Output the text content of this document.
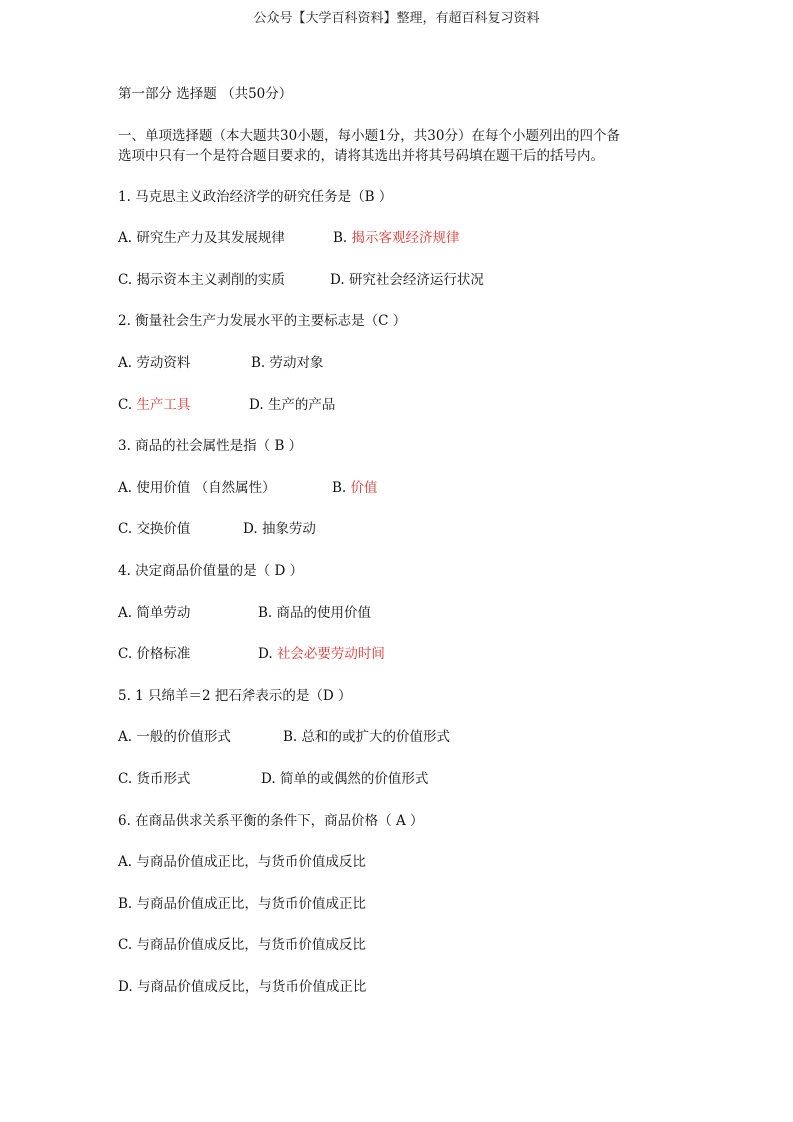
公众号【大学百科资料】整理，有超百科复习资料
第一部分 选择题 （共50分）
一、单项选择题（本大题共30小题，每小题1分，共30分）在每个小题列出的四个备
选项中只有一个是符合题目要求的，请将其选出并将其号码填在题干后的括号内。
1. 马克思主义政治经济学的研究任务是（B ）
A. 研究生产力及其发展规律	B. 揭示客观经济规律
C. 揭示资本主义剥削的实质	D. 研究社会经济运行状况
2. 衡量社会生产力发展水平的主要标志是（C ）
A. 劳动资料	B. 劳动对象
C. 生产工具	D. 生产的产品
3. 商品的社会属性是指（ B ）
A. 使用价值 （自然属性）	B. 价值
C. 交换价值	D. 抽象劳动
4. 决定商品价值量的是（ D ）
A. 简单劳动	B. 商品的使用价值
C. 价格标准	D. 社会必要劳动时间
5. 1 只绵羊＝2 把石斧表示的是（D ）
A. 一般的价值形式	B. 总和的或扩大的价值形式
C. 货币形式	D. 简单的或偶然的价值形式
6. 在商品供求关系平衡的条件下，商品价格（ A ）
A. 与商品价值成正比，与货币价值成反比
B. 与商品价值成正比，与货币价值成正比
C. 与商品价值成反比，与货币价值成反比
D. 与商品价值成反比，与货币价值成正比
